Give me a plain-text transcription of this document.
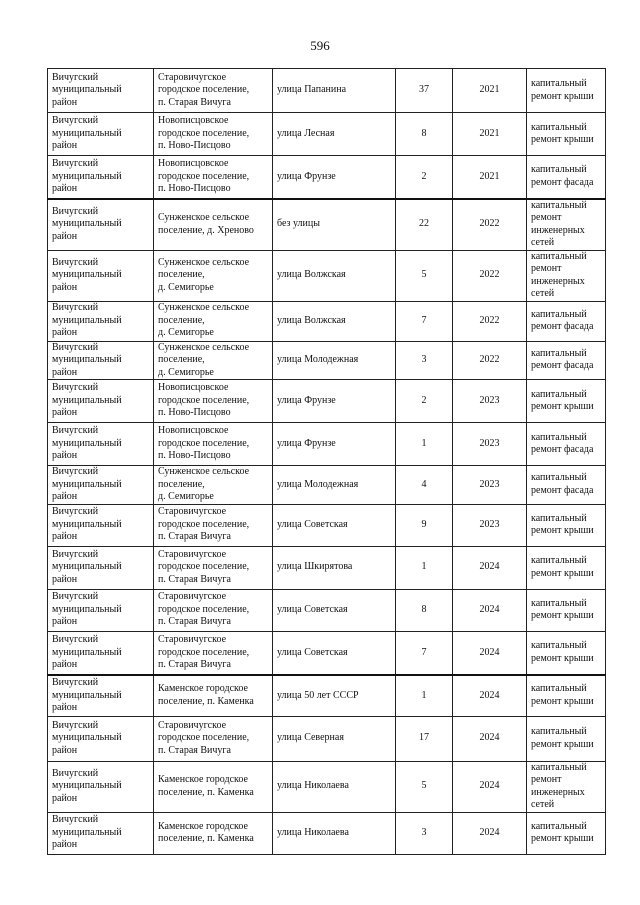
596
Вичугский
муниципальный
район	Старовичугское
городское поселение,
п. Старая Вичуга	улица Папанина	37	2021	капитальный
ремонт крыши

Вичугский
муниципальный
район	Новописцовское
городское поселение,
п. Ново-Писцово	улица Лесная	8	2021	капитальный
ремонт крыши

Вичугский
муниципальный
район	Новописцовское
городское поселение,
п. Ново-Писцово	улица Фрунзе	2	2021	капитальный
ремонт фасада

Вичугский
муниципальный
район	Сунженское сельское
поселение, д. Хреново	без улицы	22	2022	капитальный
ремонт
инженерных
сетей

Вичугский
муниципальный
район	Сунженское сельское
поселение,
д. Семигорье	улица Волжская	5	2022	капитальный
ремонт
инженерных
сетей

Вичугский
муниципальный
район	Сунженское сельское
поселение,
д. Семигорье	улица Волжская	7	2022	капитальный
ремонт фасада

Вичугский
муниципальный
район	Сунженское сельское
поселение,
д. Семигорье	улица Молодежная	3	2022	капитальный
ремонт фасада

Вичугский
муниципальный
район	Новописцовское
городское поселение,
п. Ново-Писцово	улица Фрунзе	2	2023	капитальный
ремонт крыши

Вичугский
муниципальный
район	Новописцовское
городское поселение,
п. Ново-Писцово	улица Фрунзе	1	2023	капитальный
ремонт фасада

Вичугский
муниципальный
район	Сунженское сельское
поселение,
д. Семигорье	улица Молодежная	4	2023	капитальный
ремонт фасада

Вичугский
муниципальный
район	Старовичугское
городское поселение,
п. Старая Вичуга	улица Советская	9	2023	капитальный
ремонт крыши

Вичугский
муниципальный
район	Старовичугское
городское поселение,
п. Старая Вичуга	улица Шкирятова	1	2024	капитальный
ремонт крыши

Вичугский
муниципальный
район	Старовичугское
городское поселение,
п. Старая Вичуга	улица Советская	8	2024	капитальный
ремонт крыши

Вичугский
муниципальный
район	Старовичугское
городское поселение,
п. Старая Вичуга	улица Советская	7	2024	капитальный
ремонт крыши

Вичугский
муниципальный
район	Каменское городское
поселение, п. Каменка	улица 50 лет СССР	1	2024	капитальный
ремонт крыши

Вичугский
муниципальный
район	Старовичугское
городское поселение,
п. Старая Вичуга	улица Северная	17	2024	капитальный
ремонт крыши

Вичугский
муниципальный
район	Каменское городское
поселение, п. Каменка	улица Николаева	5	2024	капитальный
ремонт
инженерных
сетей

Вичугский
муниципальный
район	Каменское городское
поселение, п. Каменка	улица Николаева	3	2024	капитальный
ремонт крыши
